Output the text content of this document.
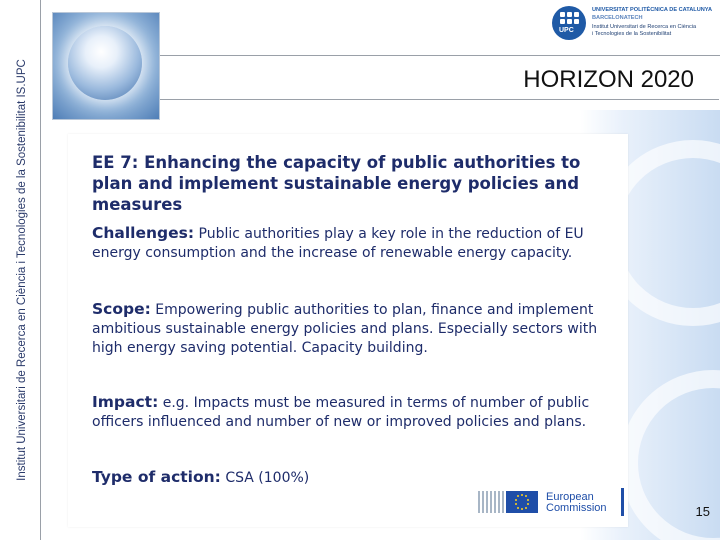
Institut Universitari de Recerca en Ciència i Tecnologies de la Sostenibilitat IS.UPC	HORIZON 2020
UPC
UNIVERSITAT POLITÈCNICA DE CATALUNYA
BARCELONATECH
Institut Universitari de Recerca en Ciència
i Tecnologies de la Sostenibilitat
EE 7: Enhancing the capacity of public authorities to plan and implement sustainable energy policies and measures
Challenges: Public authorities play a key role in the reduction of EU energy consumption and the increase of renewable energy capacity.
Scope: Empowering public authorities to plan, finance and implement ambitious sustainable energy policies and plans. Especially sectors with high energy saving potential. Capacity building.
Impact: e.g. Impacts must be measured in terms of number of public officers influenced and number of new or improved policies and plans.
Type of action: CSA (100%)
European
Commission	15
